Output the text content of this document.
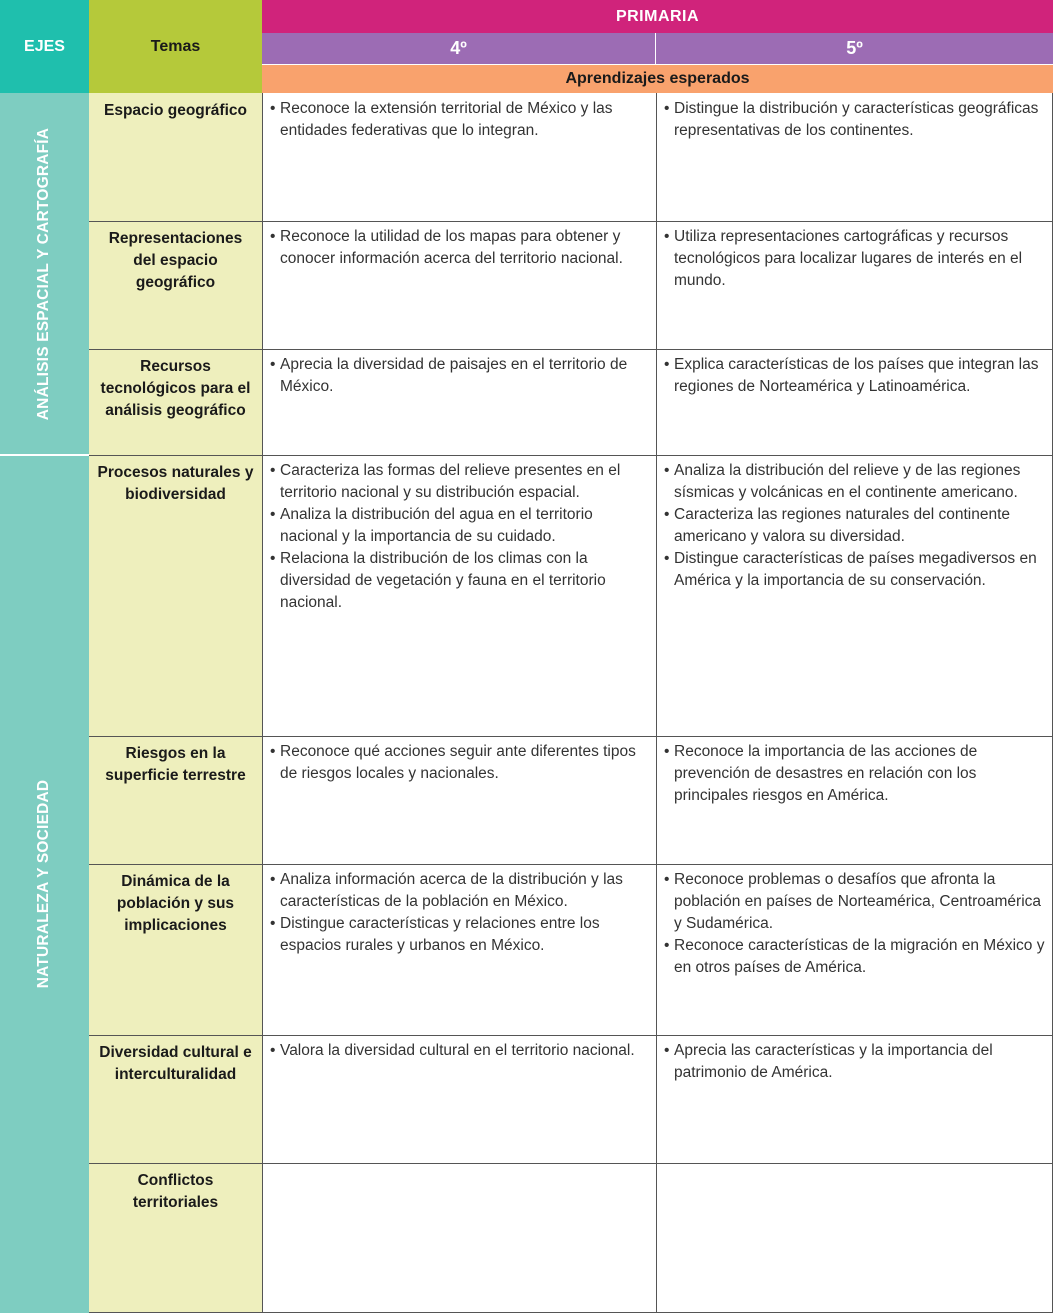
EJES	Temas
PRIMARIA
4º	5º
Aprendizajes esperados
ANÁLISIS ESPACIAL Y CARTOGRAFÍA
NATURALEZA Y SOCIEDAD
Espacio geográfico
Representaciones del espacio geográfico
Recursos tecnológicos para el análisis geográfico
Procesos naturales y biodiversidad
Riesgos en la superficie terrestre
Dinámica de la población y sus implicaciones
Diversidad cultural e interculturalidad
Conflictos territoriales
• Reconoce la extensión territorial de México y las entidades federativas que lo integran.
• Distingue la distribución y características geográficas representativas de los continentes.
• Reconoce la utilidad de los mapas para obtener y conocer información acerca del territorio nacional.
• Utiliza representaciones cartográficas y recursos tecnológicos para localizar lugares de interés en el mundo.
• Aprecia la diversidad de paisajes en el territorio de México.
• Explica características de los países que integran las regiones de Norteamérica y Latinoamérica.
• Caracteriza las formas del relieve presentes en el territorio nacional y su distribución espacial.
• Analiza la distribución del agua en el territorio nacional y la importancia de su cuidado.
• Relaciona la distribución de los climas con la diversidad de vegetación y fauna en el territorio nacional.
• Analiza la distribución del relieve y de las regiones sísmicas y volcánicas en el continente americano.
• Caracteriza las regiones naturales del continente americano y valora su diversidad.
• Distingue características de países megadiversos en América y la importancia de su conservación.
• Reconoce qué acciones seguir ante diferentes tipos de riesgos locales y nacionales.
• Reconoce la importancia de las acciones de prevención de desastres en relación con los principales riesgos en América.
• Analiza información acerca de la distribución y las características de la población en México.
• Distingue características y relaciones entre los espacios rurales y urbanos en México.
• Reconoce problemas o desafíos que afronta la población en países de Norteamérica, Centroamérica y Sudamérica.
• Reconoce características de la migración en México y en otros países de América.
• Valora la diversidad cultural en el territorio nacional.
•	Aprecia las características y la importancia del patrimonio de América.
